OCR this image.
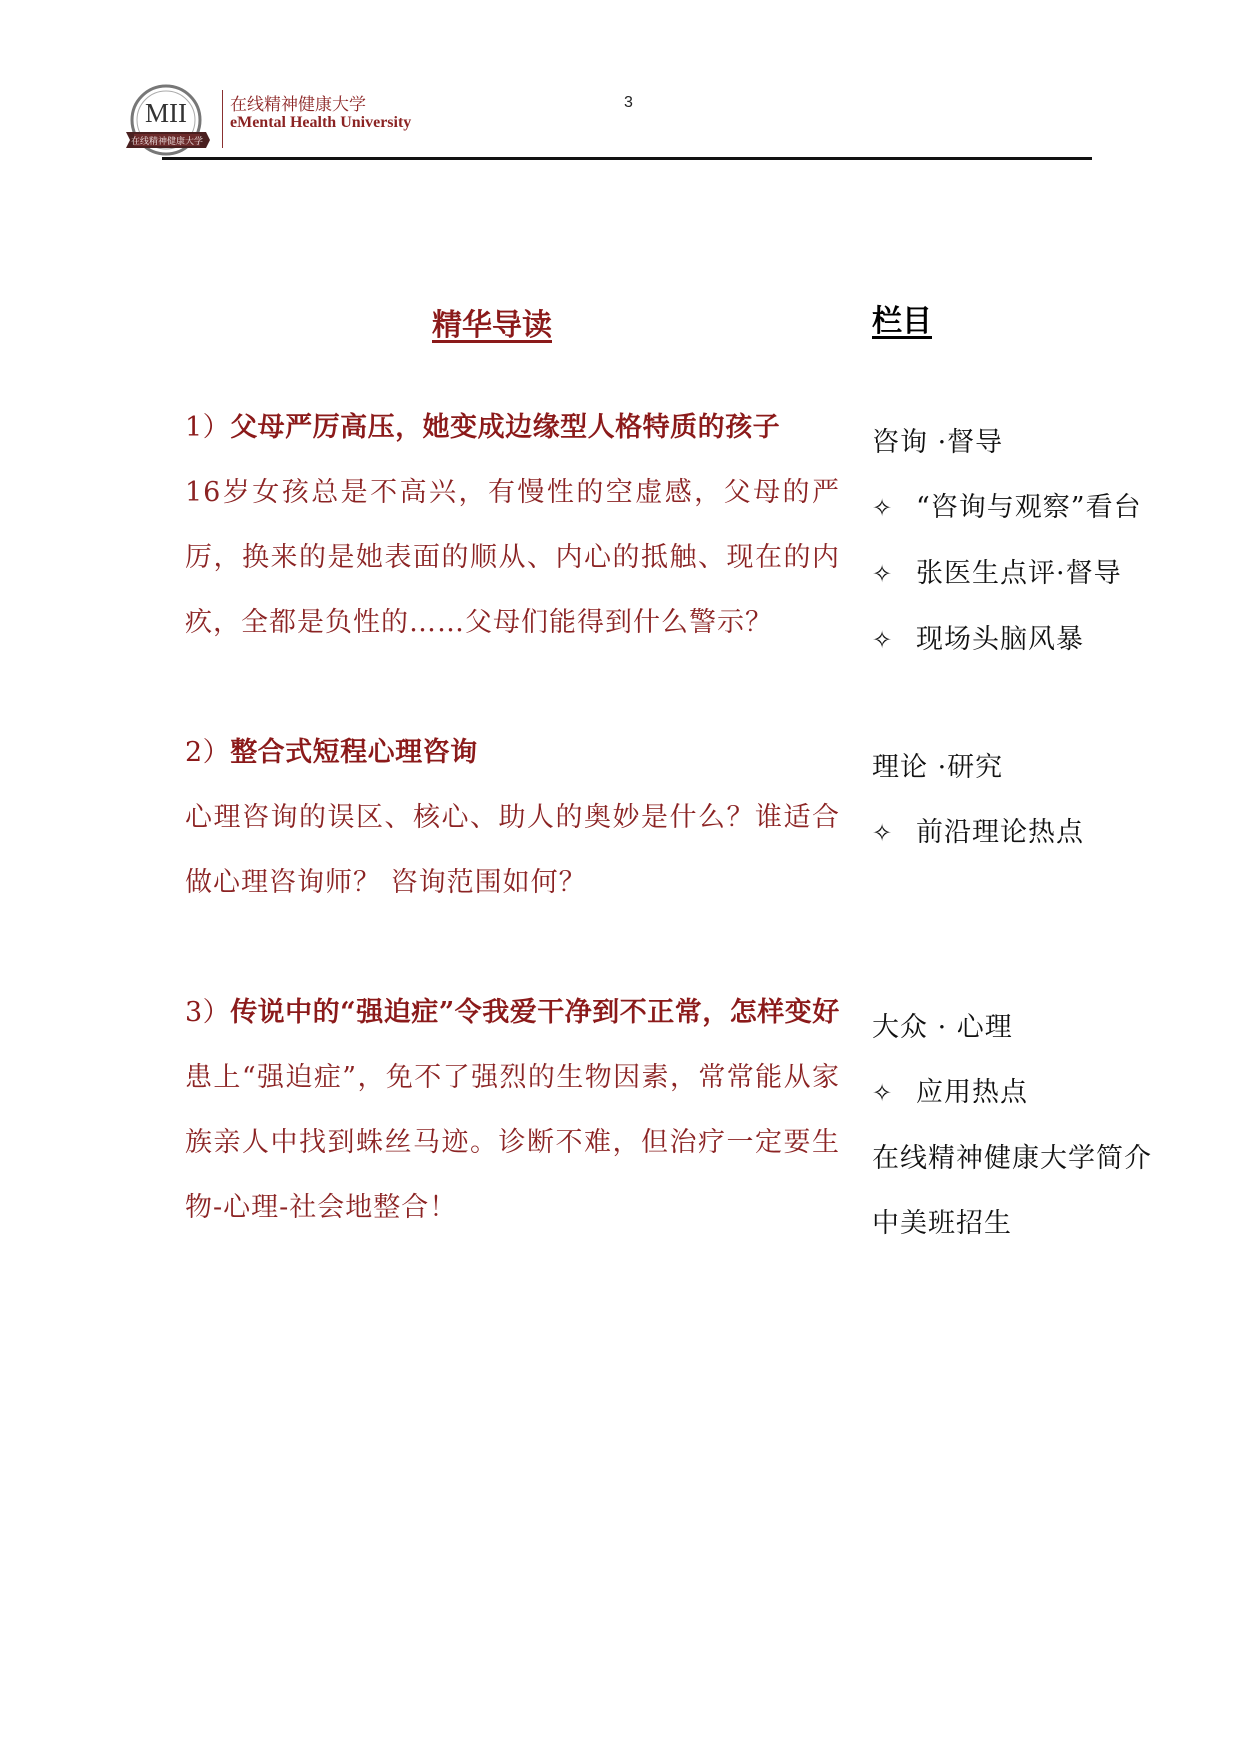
MII
在线精神健康大学
在线精神健康大学
eMental Health University
3
精华导读	栏目
1）父母严厉高压，她变成边缘型人格特质的孩子
16岁女孩总是不高兴，有慢性的空虚感，父母的严厉，换来的是她表面的顺从、内心的抵触、现在的内疚，全都是负性的……父母们能得到什么警示？
2）整合式短程心理咨询
心理咨询的误区、核心、助人的奥妙是什么？谁适合做心理咨询师？ 咨询范围如何？
3）传说中的“强迫症”令我爱干净到不正常，怎样变好
患上“强迫症”，免不了强烈的生物因素，常常能从家族亲人中找到蛛丝马迹。诊断不难，但治疗一定要生物-心理-社会地整合！
咨询 ·督导
✧ “咨询与观察”看台
✧ 张医生点评·督导
✧ 现场头脑风暴
理论 ·研究
✧ 前沿理论热点
大众 · 心理
✧ 应用热点
在线精神健康大学简介
中美班招生
